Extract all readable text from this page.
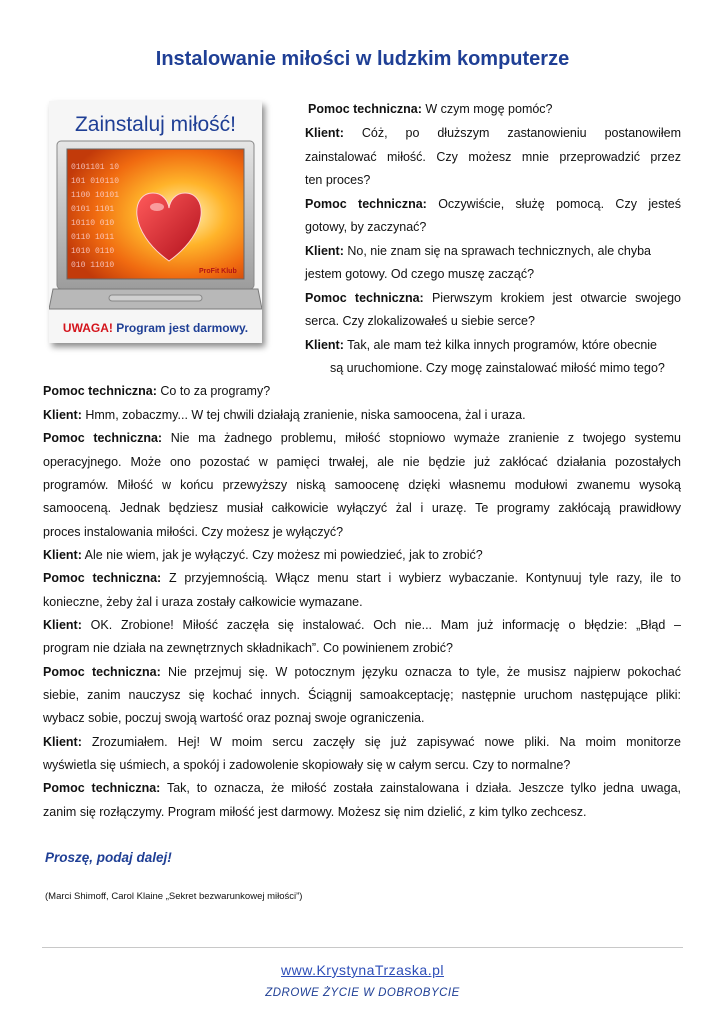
Instalowanie miłości w ludzkim komputerze
Zainstaluj miłość!
0101101 10
101 010110
1100 10101
0101 1101
10110 010
0110 1011
1010 0110
010 11010
ProFit Klub
UWAGA! Program jest darmowy.
Pomoc techniczna: W czym mogę pomóc?
Klient: Cóż, po dłuższym zastanowieniu postanowiłem
zainstalować miłość. Czy możesz mnie przeprowadzić przez
ten proces?
Pomoc techniczna: Oczywiście, służę pomocą. Czy jesteś
gotowy, by zaczynać?
Klient: No, nie znam się na sprawach technicznych, ale chyba
jestem gotowy. Od czego muszę zacząć?
Pomoc techniczna: Pierwszym krokiem jest otwarcie swojego
serca. Czy zlokalizowałeś u siebie serce?
Klient: Tak, ale mam też kilka innych programów, które obecnie
są uruchomione. Czy mogę zainstalować miłość mimo tego?
Pomoc techniczna: Co to za programy?
Klient: Hmm, zobaczmy... W tej chwili działają zranienie, niska samoocena, żal i uraza.
Pomoc techniczna: Nie ma żadnego problemu, miłość stopniowo wymaże zranienie z twojego systemu
operacyjnego. Może ono pozostać w pamięci trwałej, ale nie będzie już zakłócać działania pozostałych
programów. Miłość w końcu przewyższy niską samoocenę dzięki własnemu modułowi zwanemu wysoką
samooceną. Jednak będziesz musiał całkowicie wyłączyć żal i urazę. Te programy zakłócają prawidłowy
proces instalowania miłości. Czy możesz je wyłączyć?
Klient: Ale nie wiem, jak je wyłączyć. Czy możesz mi powiedzieć, jak to zrobić?
Pomoc techniczna: Z przyjemnością. Włącz menu start i wybierz wybaczanie. Kontynuuj tyle razy, ile to
konieczne, żeby żal i uraza zostały całkowicie wymazane.
Klient: OK. Zrobione! Miłość zaczęła się instalować. Och nie... Mam już informację o błędzie: „Błąd –
program nie działa na zewnętrznych składnikach”. Co powinienem zrobić?
Pomoc techniczna: Nie przejmuj się. W potocznym języku oznacza to tyle, że musisz najpierw pokochać
siebie, zanim nauczysz się kochać innych. Ściągnij samoakceptację; następnie uruchom następujące pliki:
wybacz sobie, poczuj swoją wartość oraz poznaj swoje ograniczenia.
Klient: Zrozumiałem. Hej! W moim sercu zaczęły się już zapisywać nowe pliki. Na moim monitorze
wyświetla się uśmiech, a spokój i zadowolenie skopiowały się w całym sercu. Czy to normalne?
Pomoc techniczna: Tak, to oznacza, że miłość została zainstalowana i działa. Jeszcze tylko jedna uwaga,
zanim się rozłączymy. Program miłość jest darmowy. Możesz się nim dzielić, z kim tylko zechcesz.
Proszę, podaj dalej!
(Marci Shimoff, Carol Klaine „Sekret bezwarunkowej miłości”)
www.KrystynaTrzaska.pl
ZDROWE ŻYCIE W DOBROBYCIE
